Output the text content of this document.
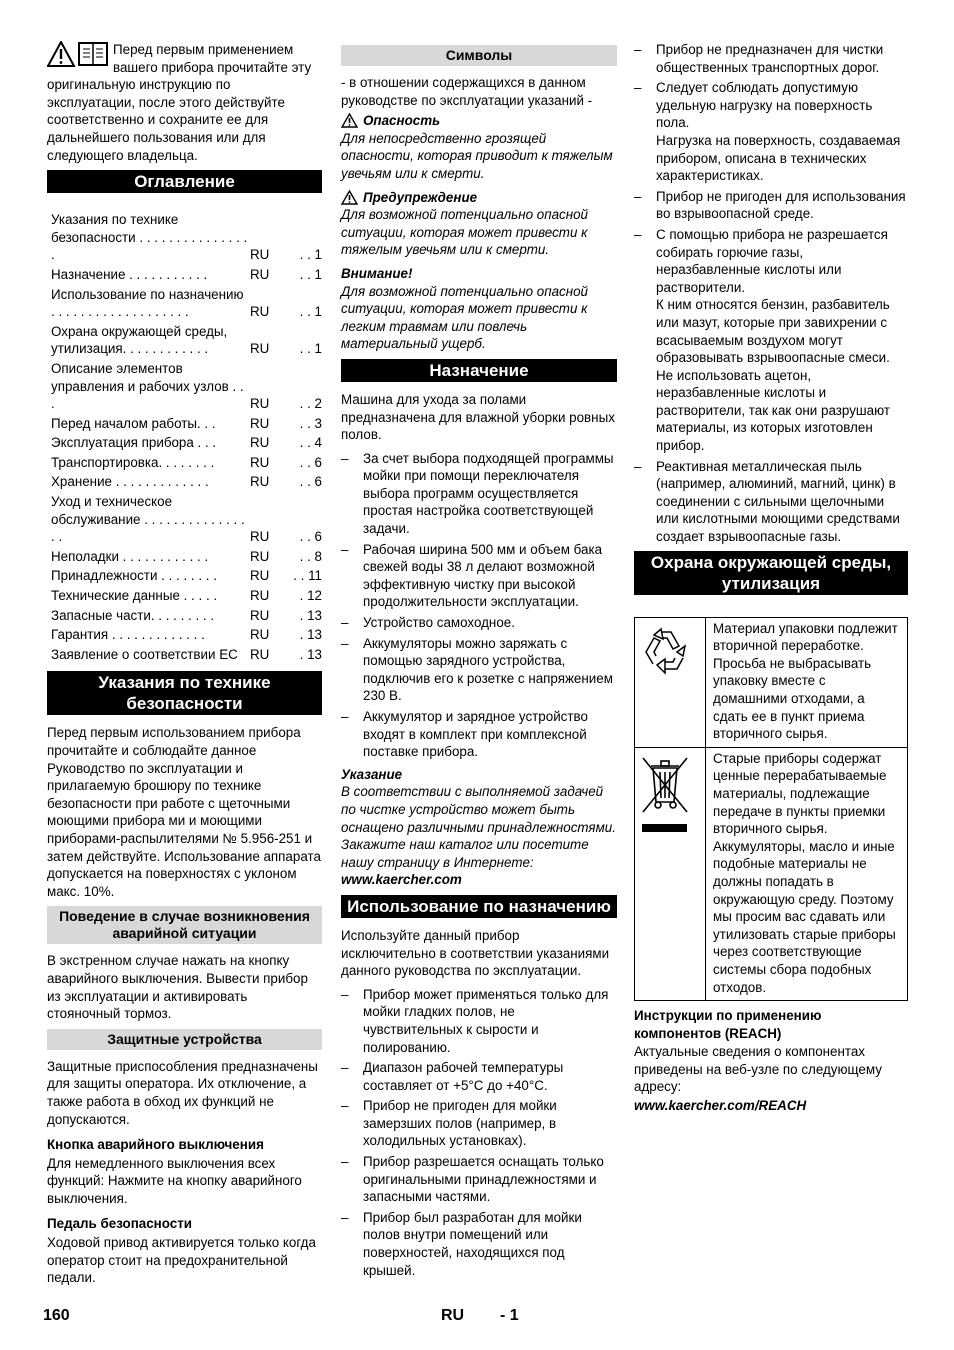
Перед первым применением вашего прибора прочитайте эту оригинальную инструкцию по эксплуатации, после этого действуйте соответственно и сохраните ее для дальнейшего пользования или для следующего владельца.

Оглавление
Указания по технике безопасности . . . . . . . . . . . . . . . .	RU	. . 1
Назначение . . . . . . . . . . .	RU	. . 1
Использование по назначению . . . . . . . . . . . . . . . . . . .	RU	. . 1
Охрана окружающей среды, утилизация. . . . . . . . . . . .	RU	. . 1
Описание элементов управления и рабочих узлов . . .	RU	. . 2
Перед началом работы. . .	RU	. . 3
Эксплуатация прибора . . .	RU	. . 4
Транспортировка. . . . . . . .	RU	. . 6
Хранение . . . . . . . . . . . . .	RU	. . 6
Уход и техническое обслуживание . . . . . . . . . . . . . . . .	RU	. . 6
Неполадки . . . . . . . . . . . .	RU	. . 8
Принадлежности . . . . . . . .	RU	. . 11
Технические данные . . . . .	RU	. 12
Запасные части. . . . . . . . .	RU	. 13
Гарантия . . . . . . . . . . . . .	RU	. 13
Заявление о соответствии ЕС RU	. 13
Указания по технике безопасности

Перед первым использованием прибора прочитайте и соблюдайте данное Руководство по эксплуатации и прилагаемую брошюру по технике безопасности при работе с щеточными моющими прибора ми и моющими приборами-распылителями № 5.956-251 и затем действуйте. Использование аппарата допускается на поверхностях с уклоном макс. 10%.

Поведение в случае возникновения аварийной ситуации

В экстренном случае нажать на кнопку аварийного выключения. Вывести прибор из эксплуатации и активировать стояночный тормоз.

Защитные устройства

Защитные приспособления предназначены для защиты оператора. Их отключение, а также работа в обход их функций не допускаются.

Кнопка аварийного выключения

Для немедленного выключения всех функций: Нажмите на кнопку аварийного выключения.

Педаль безопасности

Ходовой привод активируется только когда оператор стоит на предохранительной педали.

Символы

- в отношении содержащихся в данном руководстве по эксплуатации указаний -

Опасность

Для непосредственно грозящей опасности, которая приводит к тяжелым увечьям или к смерти.

Предупреждение

Для возможной потенциально опасной ситуации, которая может привести к тяжелым увечьям или к смерти.

Внимание!

Для возможной потенциально опасной ситуации, которая может привести к легким травмам или повлечь материальный ущерб.

Назначение

Машина для ухода за полами предназначена для влажной уборки ровных полов.

– За счет выбора подходящей программы мойки при помощи переключателя выбора программ осуществляется простая настройка соответствующей задачи.
– Рабочая ширина 500 мм и объем бака свежей воды 38 л делают возможной эффективную чистку при высокой продолжительности эксплуатации.
– Устройство самоходное.
– Аккумуляторы можно заряжать с помощью зарядного устройства, подключив его к розетке с напряжением 230 В.
– Аккумулятор и зарядное устройство входят в комплект при комплексной поставке прибора.
Указание

В соответствии с выполняемой задачей по чистке устройство может быть оснащено различными принадлежностями.

Закажите наш каталог или посетите нашу страницу в Интернете:

www.kaercher.com

Использование по назначению

Используйте данный прибор исключительно в соответствии указаниями данного руководства по эксплуатации.

– Прибор может применяться только для мойки гладких полов, не чувствительных к сырости и полированию.
– Диапазон рабочей температуры составляет от +5°C до +40°C.
– Прибор не пригоден для мойки замерзших полов (например, в холодильных установках).
– Прибор разрешается оснащать только оригинальными принадлежностями и запасными частями.
– Прибор был разработан для мойки полов внутри помещений или поверхностей, находящихся под крышей.
– Прибор не предназначен для чистки общественных транспортных дорог.
– Следует соблюдать допустимую удельную нагрузку на поверхность пола.
Нагрузка на поверхность, создаваемая прибором, описана в технических характеристиках.
– Прибор не пригоден для использования во взрывоопасной среде.
– С помощью прибора не разрешается собирать горючие газы, неразбавленные кислоты или растворители.
К ним относятся бензин, разбавитель или мазут, которые при завихрении с всасываемым воздухом могут образовывать взрывоопасные смеси. Не использовать ацетон, неразбавленные кислоты и растворители, так как они разрушают материалы, из которых изготовлен прибор.
– Реактивная металлическая пыль (например, алюминий, магний, цинк) в соединении с сильными щелочными или кислотными моющими средствами создает взрывоопасные газы.
Охрана окружающей среды, утилизация
Материал упаковки подлежит вторичной переработке. Просьба не выбрасывать упаковку вместе с домашними отходами, а сдать ее в пункт приема вторичного сырья.
Старые приборы содержат ценные перерабатываемые материалы, подлежащие передаче в пункты приемки вторичного сырья. Аккумуляторы, масло и иные подобные материалы не должны попадать в окружающую среду. Поэтому мы просим вас сдавать или утилизовать старые приборы через соответствующие системы сбора подобных отходов.
Инструкции по применению компонентов (REACH)

Актуальные сведения о компонентах приведены на веб-узле по следующему адресу:

www.kaercher.com/REACH

160	RU - 1
